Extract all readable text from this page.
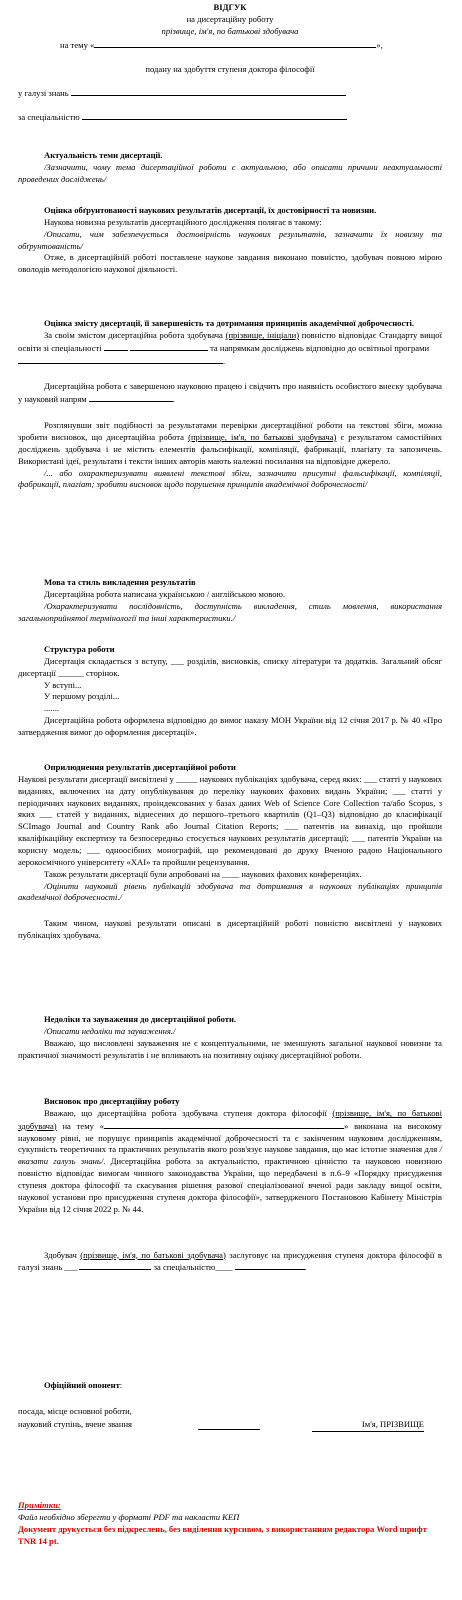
ВІДГУК
на дисертаційну роботу
прізвище, ім'я, по батькові здобувача
на тему «	»,
подану на здобуття ступеня доктора філософії
у галузі знань
за спеціальністю

Актуальність теми дисертації.

/Зазначити, чому тема дисертаційної роботи є актуальною, або описати причини неактуальності проведених досліджень/

Оцінка обґрунтованості наукових результатів дисертації, їх достовірності та новизни.

Наукова новизна результатів дисертаційного дослідження полягає в такому:

/Описати, чим забезпечується достовірність наукових результатів, зазначити їх новизну та обґрунтованість/

Отже, в дисертаційній роботі поставлене наукове завдання виконано повністю, здобувач повною мірою оволодів методологією наукової діяльності.

Оцінка змісту дисертації, її завершеність та дотримання принципів академічної доброчесності.

За своїм змістом дисертаційна робота здобувача (прізвище, ініціали) повністю відповідає Стандарту вищої освіти зі спеціальності	та напрямкам досліджень відповідно до освітньої програми

.

Дисертаційна робота є завершеною науковою працею і свідчить про наявність особистого внеску здобувача у науковий напрям	.

Розглянувши звіт подібності за результатами перевірки дисертаційної роботи на текстові збіги, можна зробити висновок, що дисертаційна робота (прізвище, ім'я, по батькові здобувача) є результатом самостійних досліджень здобувача і не містить елементів фальсифікації, компіляції, фабрикації, плагіату та запозичень. Використані ідеї, результати і тексти інших авторів мають належні посилання на відповідне джерело.

/... або охарактеризувати виявлені текстові збіги, зазначити присутні фальсифікації, компіляції, фабрикації, плагіат; зробити висновок щодо порушення принципів академічної доброчесності/

Мова та стиль викладення результатів

Дисертаційна робота написана українською / англійською мовою.

/Охарактеризувати послідовність, доступність викладення, стиль мовлення, використання загальноприйнятої термінології та інші характеристики./

Структура роботи

Дисертація складається з вступу, ___ розділів, висновків, списку літератури та додатків. Загальний обсяг дисертації ______ сторінок.

У вступі...

У першому розділі...

.......

Дисертаційна робота оформлена відповідно до вимог наказу МОН України від 12 січня 2017 р. № 40 «Про затвердження вимог до оформлення дисертації».

Оприлюднення результатів дисертаційної роботи

Наукові результати дисертації висвітлені у _____ наукових публікаціях здобувача, серед яких: ___ статті у наукових виданнях, включених на дату опублікування до переліку наукових фахових видань України; ___ статті у періодичних наукових виданнях, проіндексованих у базах даних Web of Science Core Collection та/або Scopus, з яких ___ статей у виданнях, віднесених до першого–третього квартилів (Q1–Q3) відповідно до класифікації SCImago Journal and Country Rank або Journal Citation Reports; ___ патентів на винахід, що пройшли кваліфікаційну експертизу та безпосередньо стосується наукових результатів дисертації; ___ патентів України на корисну модель; ___ одноосібних монографій, що рекомендовані до друку Вченою радою Національного аерокосмічного університету «ХАІ» та пройшли рецензування.

Також результати дисертації були апробовані на ____ наукових фахових конференціях.

/Оцінити науковий рівень публікацій здобувача та дотримання в наукових публікаціях принципів академічної доброчесності./

Таким чином, наукові результати описані в дисертаційній роботі повністю висвітлені у наукових публікаціях здобувача.

Недоліки та зауваження до дисертаційної роботи.

/Описати недоліки та зауваження./

Вважаю, що висловлені зауваження не є концептуальними, не зменшують загальної наукової новизни та практичної значимості результатів і не впливають на позитивну оцінку дисертаційної роботи.

Висновок про дисертаційну роботу

Вважаю, що дисертаційна робота здобувача ступеня доктора філософії (прізвище, ім'я, по батькові здобувача) на тему «	» виконана на високому науковому рівні, не порушує принципів академічної доброчесності та є закінченим науковим дослідженням, сукупність теоретичних та практичних результатів якого розв'язує наукове завдання, що має істотне значення для /вказати галузь знань/. Дисертаційна робота за актуальністю, практичною цінністю та науковою новизною повністю відповідає вимогам чинного законодавства України, що передбачені в п.6–9 «Порядку присудження ступеня доктора філософії та скасування рішення разової спеціалізованої вченої ради закладу вищої освіти, наукової установи про присудження ступеня доктора філософії», затвердженого Постановою Кабінету Міністрів України від 12 січня 2022 р. № 44.

Здобувач (прізвище, ім'я, по батькові здобувача) заслуговує на присудження ступеня доктора філософії в галузі знань ___	за спеціальністю____	.

Офіційний опонент:

посада, місце основної роботи,
науковий ступінь, вчене звання	Ім'я, ПРІЗВИЩЕ

Примітки:

Файл необхідно зберегти у форматі PDF та накласти КЕП

Документ друкується без підкреслень, без виділення курсивом, з використанням редактора Word шрифт TNR 14 pt.
